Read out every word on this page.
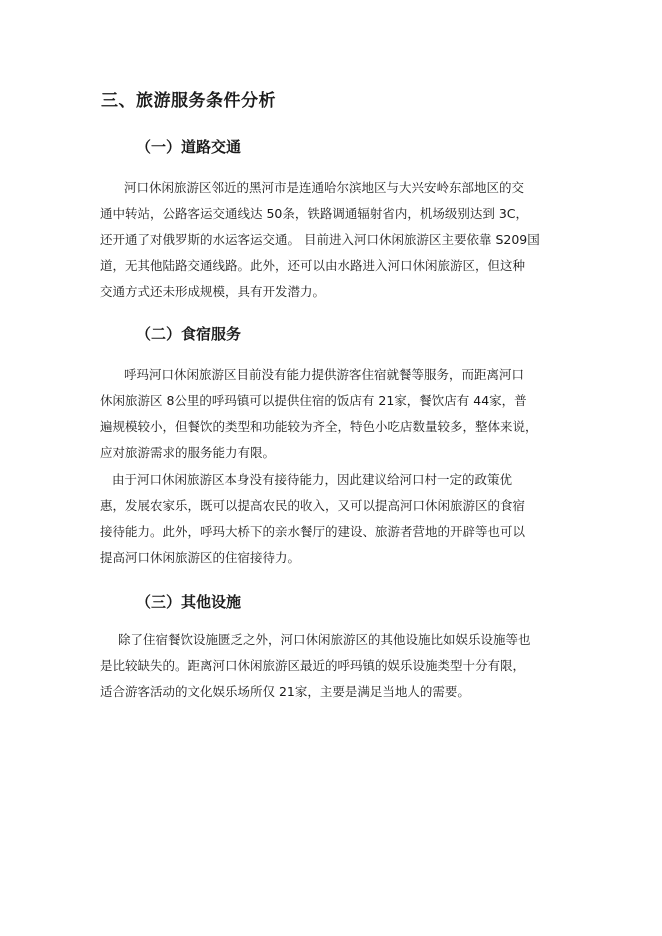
三、旅游服务条件分析
（一）道路交通
河口休闲旅游区邻近的黑河市是连通哈尔滨地区与大兴安岭东部地区的交
通中转站，公路客运交通线达 50条，铁路调通辐射省内，机场级别达到 3C，
还开通了对俄罗斯的水运客运交通。 目前进入河口休闲旅游区主要依靠 S209国
道，无其他陆路交通线路。此外，还可以由水路进入河口休闲旅游区，但这种
交通方式还未形成规模，具有开发潜力。
（二）食宿服务
呼玛河口休闲旅游区目前没有能力提供游客住宿就餐等服务，而距离河口
休闲旅游区 8公里的呼玛镇可以提供住宿的饭店有 21家，餐饮店有 44家，普
遍规模较小，但餐饮的类型和功能较为齐全，特色小吃店数量较多，整体来说，
应对旅游需求的服务能力有限。
由于河口休闲旅游区本身没有接待能力，因此建议给河口村一定的政策优
惠，发展农家乐，既可以提高农民的收入，又可以提高河口休闲旅游区的食宿
接待能力。此外，呼玛大桥下的亲水餐厅的建设、旅游者营地的开辟等也可以
提高河口休闲旅游区的住宿接待力。
（三）其他设施
除了住宿餐饮设施匮乏之外，河口休闲旅游区的其他设施比如娱乐设施等也
是比较缺失的。距离河口休闲旅游区最近的呼玛镇的娱乐设施类型十分有限，
适合游客活动的文化娱乐场所仅 21家，主要是满足当地人的需要。
